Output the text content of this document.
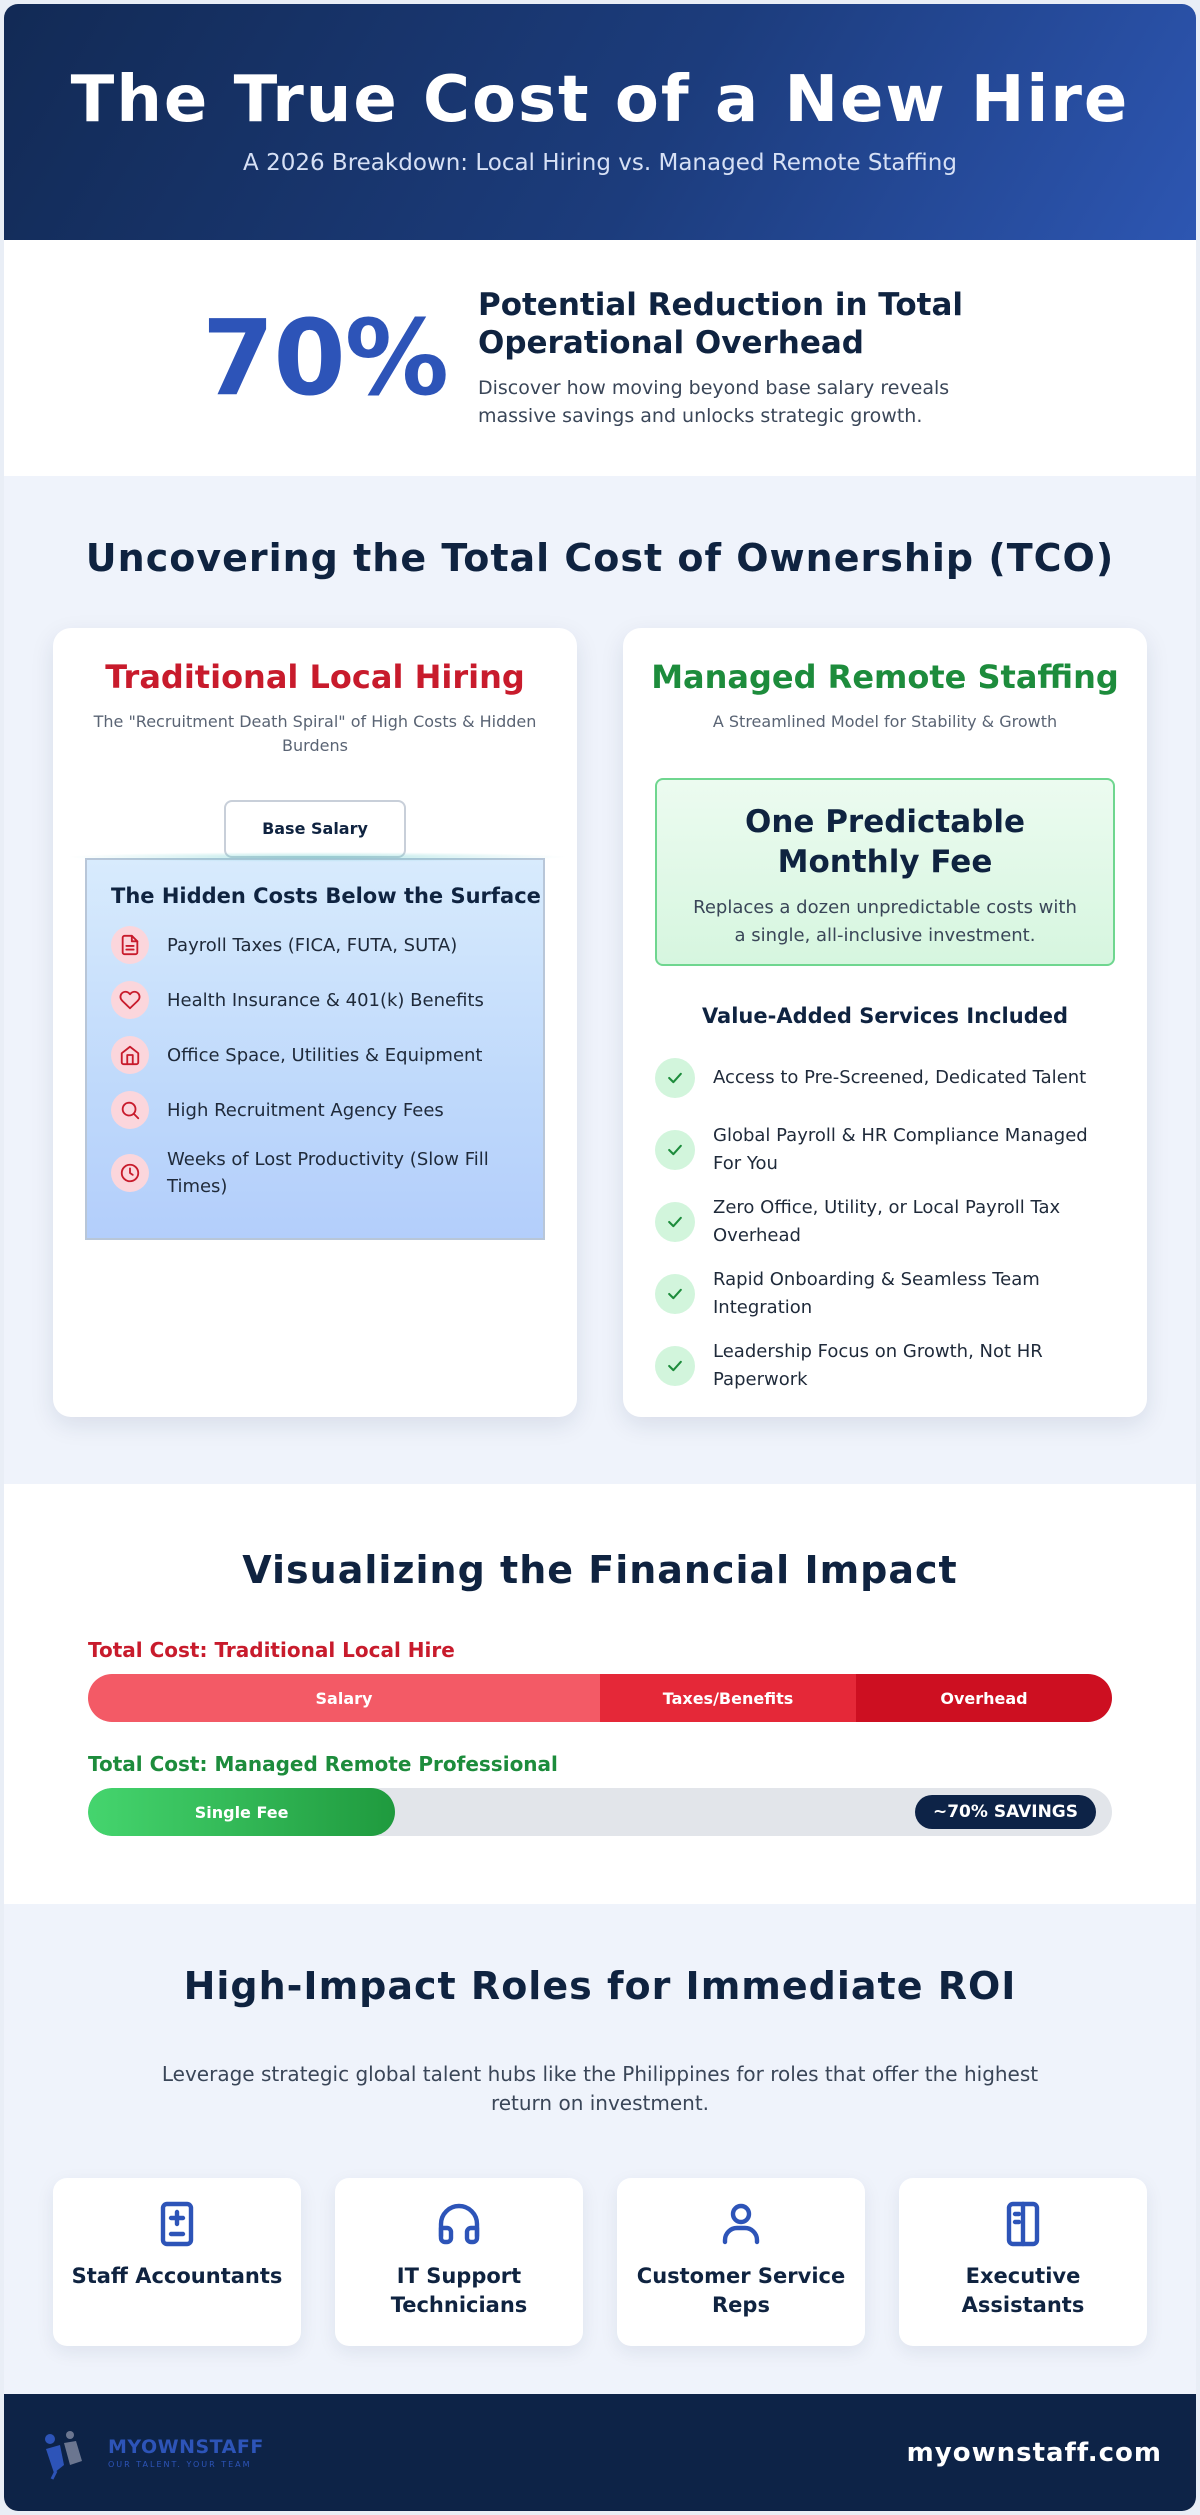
The True Cost of a New Hire

A 2026 Breakdown: Local Hiring vs. Managed Remote Staffing

70% Potential Reduction in Total Operational Overhead

Discover how moving beyond base salary reveals massive savings and unlocks strategic growth.

Uncovering the Total Cost of Ownership (TCO)
Traditional Local Hiring
The "Recruitment Death Spiral" of High Costs & Hidden Burdens
Base Salary
The Hidden Costs Below the Surface
Payroll Taxes (FICA, FUTA, SUTA)
Health Insurance & 401(k) Benefits
Office Space, Utilities & Equipment
High Recruitment Agency Fees
Weeks of Lost Productivity (Slow Fill Times)
Managed Remote Staffing
A Streamlined Model for Stability & Growth
One Predictable Monthly Fee

Replaces a dozen unpredictable costs with a single, all-inclusive investment.

Value-Added Services Included
Access to Pre-Screened, Dedicated Talent
Global Payroll & HR Compliance Managed For You
Zero Office, Utility, or Local Payroll Tax Overhead
Rapid Onboarding & Seamless Team Integration
Leadership Focus on Growth, Not HR Paperwork
Visualizing the Financial Impact
Total Cost: Traditional Local Hire
Salary	Taxes/Benefits	Overhead
Total Cost: Managed Remote Professional
Single Fee	~70% SAVINGS
High-Impact Roles for Immediate ROI

Leverage strategic global talent hubs like the Philippines for roles that offer the highest return on investment.

Staff Accountants	IT Support Technicians
Customer Service Reps
Executive Assistants
MYOWNSTAFF
OUR TALENT. YOUR TEAM	myownstaff.com
